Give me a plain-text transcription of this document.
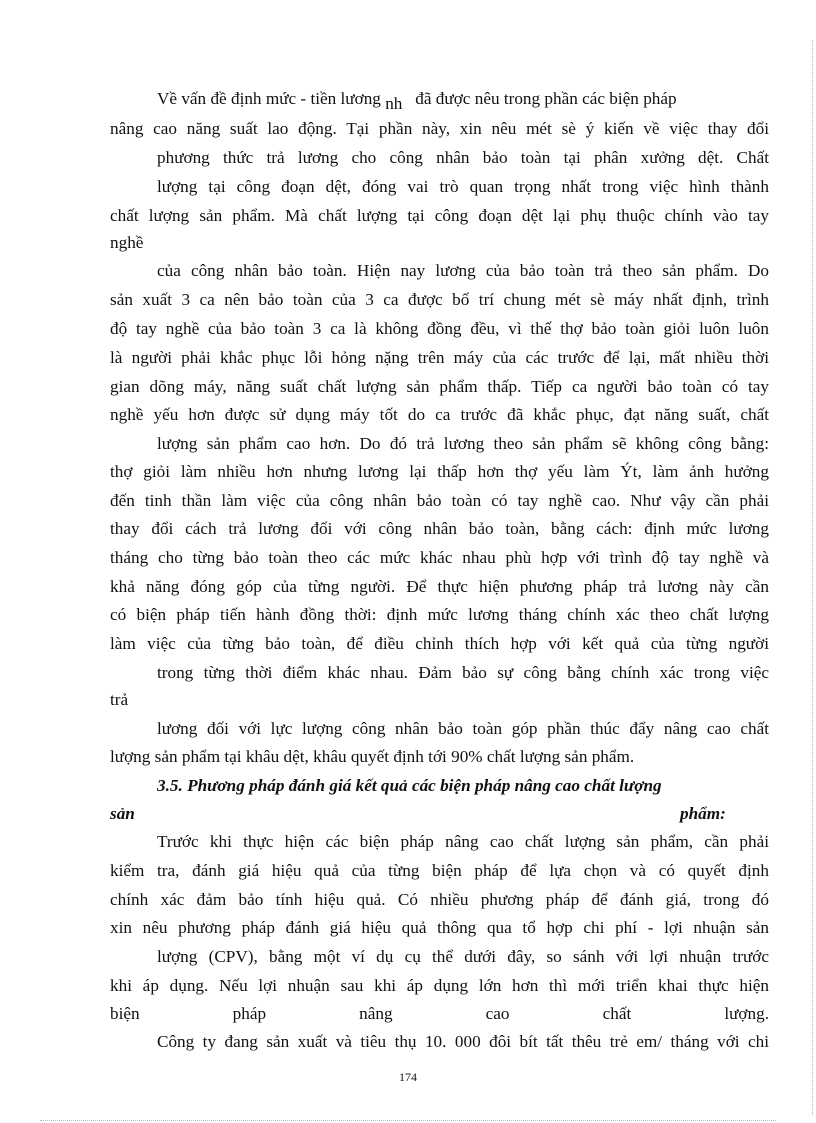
Về vấn đề định mức - tiền lương nh đã được nêu trong phần các biện pháp
nâng cao năng suất lao động. Tại phần này, xin nêu mét sè ý kiến về việc thay đổi
phương thức trả lương cho công nhân bảo toàn tại phân xưởng dệt. Chất
lượng tại công đoạn dệt, đóng vai trò quan trọng nhất trong việc hình thành
chất lượng sản phẩm. Mà chất lượng tại công đoạn dệt lại phụ thuộc chính vào tay
nghề
của công nhân bảo toàn. Hiện nay lương của bảo toàn trả theo sản phẩm. Do
sản xuất 3 ca nên bảo toàn của 3 ca được bố trí chung mét sè máy nhất định, trình
độ tay nghề của bảo toàn 3 ca là không đồng đều, vì thế thợ bảo toàn giỏi luôn luôn
là người phải khắc phục lỗi hỏng nặng trên máy của các trước để lại, mất nhiều thời
gian dõng máy, năng suất chất lượng sản phẩm thấp. Tiếp ca người bảo toàn có tay
nghề yếu hơn được sử dụng máy tốt do ca trước đã khắc phục, đạt năng suất, chất
lượng sản phẩm cao hơn. Do đó trả lương theo sản phẩm sẽ không công bằng:
thợ giỏi làm nhiều hơn nhưng lương lại thấp hơn thợ yếu làm Ýt, làm ảnh hưởng
đến tinh thần làm việc của công nhân bảo toàn có tay nghề cao. Như vậy cần phải
thay đổi cách trả lương đối với công nhân bảo toàn, bằng cách: định mức lương
tháng cho từng bảo toàn theo các mức khác nhau phù hợp với trình độ tay nghề và
khả năng đóng góp của từng người. Để thực hiện phương pháp trả lương này cần
có biện pháp tiến hành đồng thời: định mức lương tháng chính xác theo chất lượng
làm việc của từng bảo toàn, để điều chỉnh thích hợp với kết quả của từng người
trong từng thời điểm khác nhau. Đảm bảo sự công bằng chính xác trong việc
trả
lương đối với lực lượng công nhân bảo toàn góp phần thúc đẩy nâng cao chất
lượng sản phẩm tại khâu dệt, khâu quyết định tới 90% chất lượng sản phẩm.
3.5. Phương pháp đánh giá kết quả các biện pháp nâng cao chất lượng
sản	phẩm:
Trước khi thực hiện các biện pháp nâng cao chất lượng sản phẩm, cần phải
kiểm tra, đánh giá hiệu quả của từng biện pháp để lựa chọn và có quyết định
chính xác đảm bảo tính hiệu quả. Có nhiều phương pháp để đánh giá, trong đó
xin nêu phương pháp đánh giá hiệu quả thông qua tổ hợp chi phí - lợi nhuận sản
lượng (CPV), bằng một ví dụ cụ thể dưới đây, so sánh với lợi nhuận trước
khi áp dụng. Nếu lợi nhuận sau khi áp dụng lớn hơn thì mới triển khai thực hiện
biện pháp nâng cao chất lượng.
Công ty đang sản xuất và tiêu thụ 10. 000 đôi bít tất thêu trẻ em/ tháng với chi
174
